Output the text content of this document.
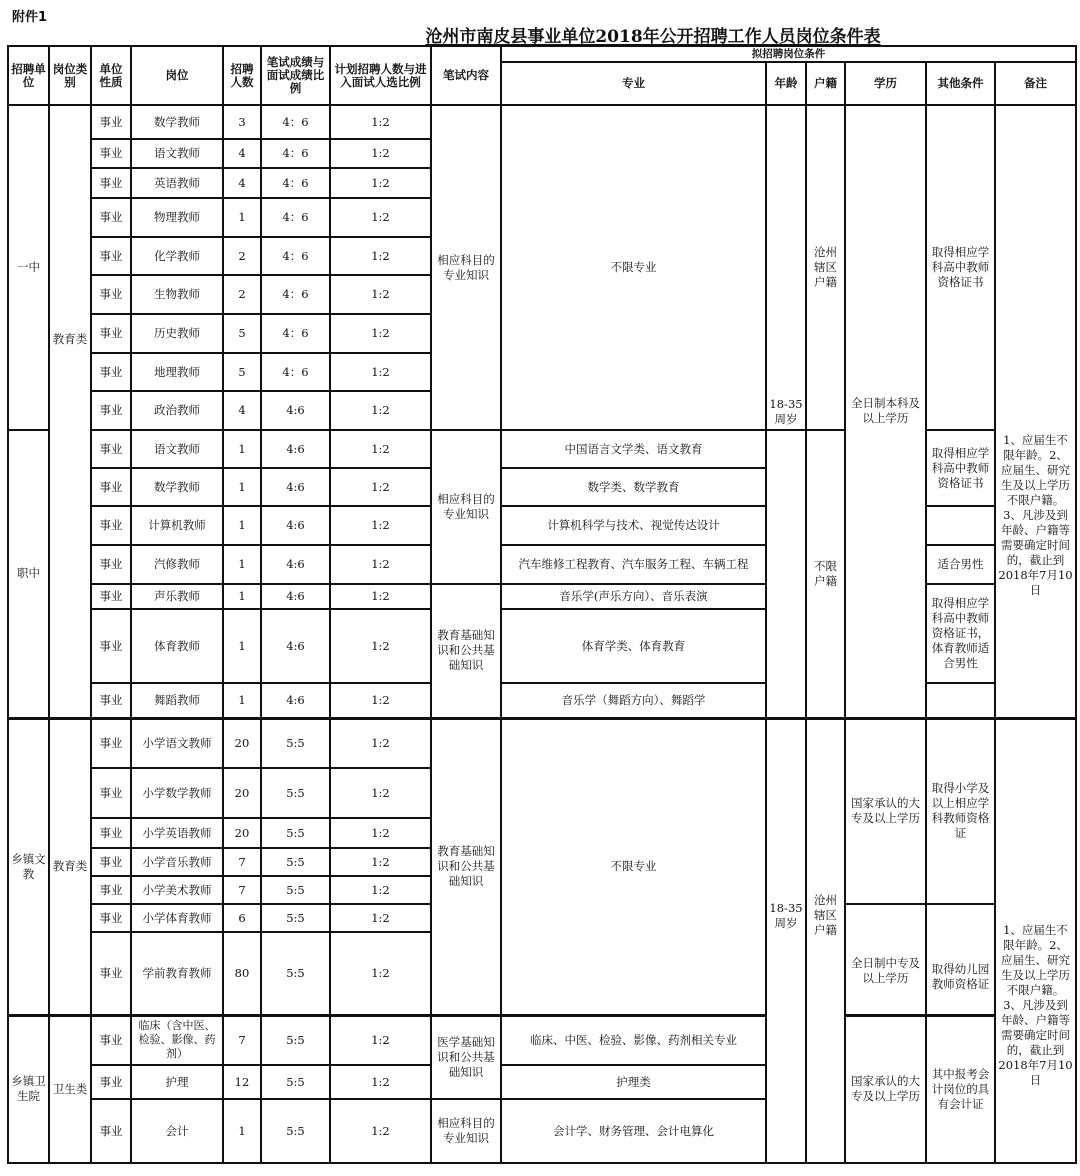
附件1
沧州市南皮县事业单位2018年公开招聘工作人员岗位条件表
招聘单位	岗位类别	单位性质	岗位	招聘人数	笔试成绩与面试成绩比例	计划招聘人数与进入面试人选比例	笔试内容	拟招聘岗位条件					
								专业	年龄	户籍	学历	其他条件	备注
一中	教育类	事业	数学教师	3	4：6	1:2	相应科目的专业知识	不限专业	18-35周岁	沧州辖区户籍	全日制本科及以上学历	取得相应学科高中教师资格证书	1、应届生不限年龄。2、应届生、研究生及以上学历不限户籍。3、凡涉及到年龄、户籍等需要确定时间的，截止到2018年7月10日
		事业	语文教师	4	4：6	1:2							
		事业	英语教师	4	4：6	1:2							
		事业	物理教师	1	4：6	1:2							
		事业	化学教师	2	4：6	1:2							
		事业	生物教师	2	4：6	1:2							
		事业	历史教师	5	4：6	1:2							
		事业	地理教师	5	4：6	1:2							
		事业	政治教师	4	4:6	1:2							
职中		事业	语文教师	1	4:6	1:2	相应科目的专业知识	中国语言文学类、语文教育		不限户籍		取得相应学科高中教师资格证书	
		事业	数学教师	1	4:6	1:2		数学类、数学教育					
		事业	计算机教师	1	4:6	1:2		计算机科学与技术、视觉传达设计					
		事业	汽修教师	1	4:6	1:2		汽车维修工程教育、汽车服务工程、车辆工程				适合男性	
		事业	声乐教师	1	4:6	1:2	教育基础知识和公共基础知识	音乐学(声乐方向）、音乐表演				取得相应学科高中教师资格证书，体育教师适合男性	
		事业	体育教师	1	4:6	1:2		体育学类、体育教育					
		事业	舞蹈教师	1	4:6	1:2		音乐学（舞蹈方向）、舞蹈学					
乡镇文教	教育类	事业	小学语文教师	20	5:5	1:2	教育基础知识和公共基础知识	不限专业	18-35周岁	沧州辖区户籍	国家承认的大专及以上学历	取得小学及以上相应学科教师资格证	1、应届生不限年龄。2、应届生、研究生及以上学历不限户籍。3、凡涉及到年龄、户籍等需要确定时间的，截止到2018年7月10日
		事业	小学数学教师	20	5:5	1:2							
		事业	小学英语教师	20	5:5	1:2							
		事业	小学音乐教师	7	5:5	1:2							
		事业	小学美术教师	7	5:5	1:2							
		事业	小学体育教师	6	5:5	1:2					全日制中专及以上学历	取得幼儿园教师资格证	
		事业	学前教育教师	80	5:5	1:2							
乡镇卫生院	卫生类	事业	临床（含中医、检验、影像、药剂）	7	5:5	1:2	医学基础知识和公共基础知识	临床、中医、检验、影像、药剂相关专业			国家承认的大专及以上学历	其中报考会计岗位的具有会计证	
		事业	护理	12	5:5	1:2		护理类					
		事业	会计	1	5:5	1:2	相应科目的专业知识	会计学、财务管理、会计电算化					
